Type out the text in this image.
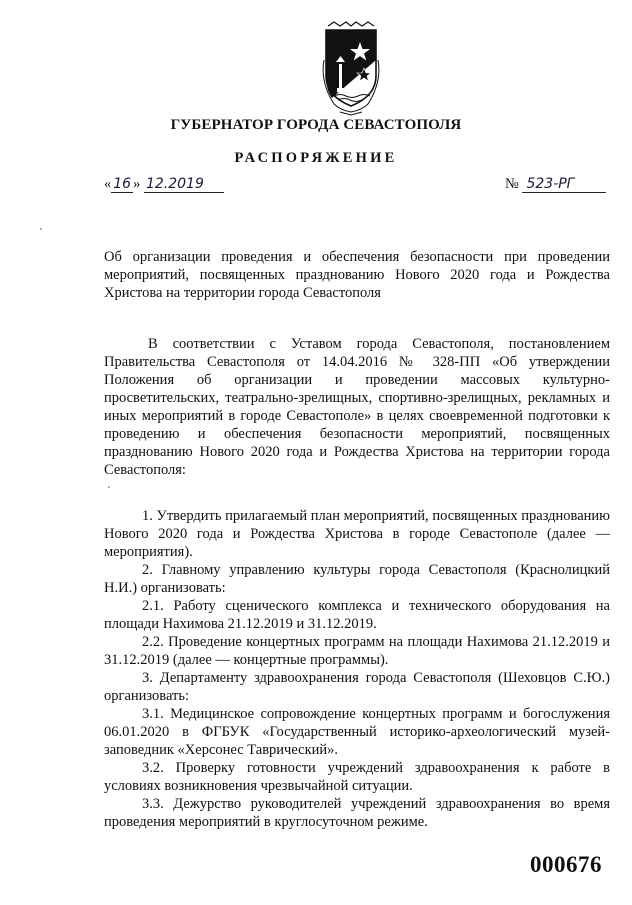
ГУБЕРНАТОР ГОРОДА СЕВАСТОПОЛЯ
РАСПОРЯЖЕНИЕ
« 16 » 12.2019	№ 523-РГ

Об организации проведения и обеспечения безопасности при проведении мероприятий, посвященных празднованию Нового 2020 года и Рождества Христова на территории города Севастополя

В соответствии с Уставом города Севастополя, постановлением Правительства Севастополя от 14.04.2016 № 328-ПП «Об утверждении Положения об организации и проведении массовых культурно-просветительских, театрально-зрелищных, спортивно-зрелищных, рекламных и иных мероприятий в городе Севастополе» в целях своевременной подготовки к проведению и обеспечения безопасности мероприятий, посвященных празднованию Нового 2020 года и Рождества Христова на территории города Севастополя:

1. Утвердить прилагаемый план мероприятий, посвященных празднованию Нового 2020 года и Рождества Христова в городе Севастополе (далее — мероприятия).

2. Главному управлению культуры города Севастополя (Краснолицкий Н.И.) организовать:

2.1. Работу сценического комплекса и технического оборудования на площади Нахимова 21.12.2019 и 31.12.2019.

2.2. Проведение концертных программ на площади Нахимова 21.12.2019 и 31.12.2019 (далее — концертные программы).

3. Департаменту здравоохранения города Севастополя (Шеховцов С.Ю.) организовать:

3.1. Медицинское сопровождение концертных программ и богослужения 06.01.2020 в ФГБУК «Государственный историко-археологический музей-заповедник «Херсонес Таврический».

3.2. Проверку готовности учреждений здравоохранения к работе в условиях возникновения чрезвычайной ситуации.

3.3. Дежурство руководителей учреждений здравоохранения во время проведения мероприятий в круглосуточном режиме.

000676
